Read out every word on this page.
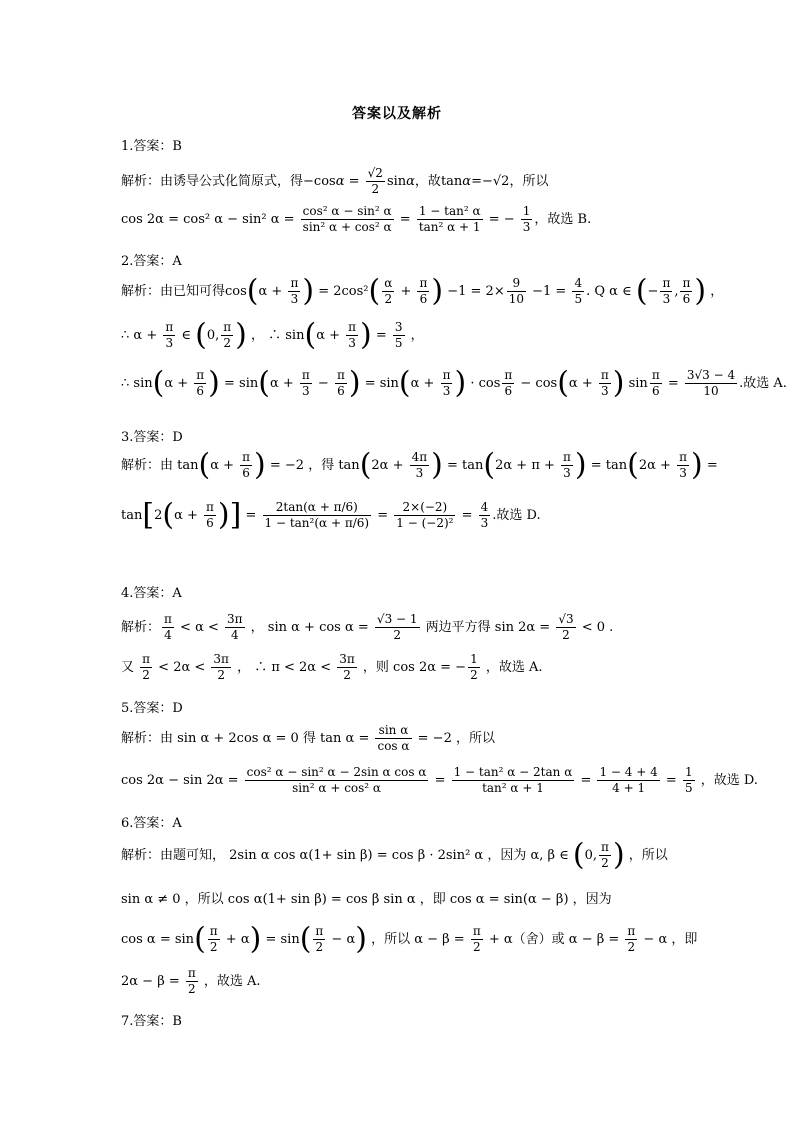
答案以及解析
1.答案：B
解析：由诱导公式化简原式，得$-\cos\alpha = \frac{√2}{2}$ sinα，故tanα=−√2，所以
cos 2α = cos² α − sin² $\alpha = \frac{\text{cos² α − sin² α}}{\text{sin² α + cos² α}} = \frac{\text{1 − tan² α}}{\text{tan² α + 1}}$ = − $\frac{1}{3}$ ，故选 B.
2.答案：A
解析：由已知可得$\cos(\alpha + \frac{\pi}{3}$ ) = $2\cos^2( \frac{\alpha}{2} + \frac{\pi}{6}$ ) $-1 = 2\times \frac{9}{10} -1 = \frac{4}{5}$ . Q α ∈ (− $\frac{\pi}{3}$ , $\frac{\pi}{6}$ ) ，
∴ $\alpha + \frac{\pi}{3}$ ∈ (0, $\frac{\pi}{2}$ ) ， ∴ $\sin(\alpha + \frac{\pi}{3}$ ) = $\frac{3}{5}$ ，
∴ $\sin(\alpha + \frac{\pi}{6}$ ) = $\sin(\alpha + \frac{\pi}{3} - \frac{\pi}{6}$ ) = $\sin(\alpha + \frac{\pi}{3}$ ) · $\cos \frac{\pi}{6} - \cos(\alpha + \frac{\pi}{3}$ ) $\sin \frac{\pi}{6} = \frac{3√3 - 4}{10}$ .故选 A.
3.答案：D
解析：由 $\tan(\alpha + \frac{\pi}{6}$ ) = −2 ，得 $\tan(2\alpha + \frac{4\pi}{3}$ ) = $\tan(2\alpha + \pi + \frac{\pi}{3}$ ) = $\tan(2\alpha + \frac{\pi}{3}$ ) =
$\tan[2(\alpha + \frac{\pi}{6}$ )] = $\frac{2\tan(\alpha + \pi/6)}{\text{1 − tan²(α + π/6)}} = \frac{2\times(-2)}{\text{1 − (−2)²}} = \frac{4}{3}$ .故选 D.
4.答案：A
解析： $\frac{\pi}{4} < \alpha < \frac{3\pi}{4}$ ， $\sin \alpha + \cos \alpha = \frac{√3 - 1}{2}$ 两边平方得 $\sin 2\alpha = \frac{√3}{2} < 0$ .
又 $\frac{\pi}{2} < 2\alpha < \frac{3\pi}{2}$ ， ∴ $\pi < 2\alpha < \frac{3\pi}{2}$ ，则 cos 2α = − $\frac{1}{2}$ ，故选 A.
5.答案：D
解析：由 sin α + 2cos α = 0 得 $\tan \alpha = \frac{\text{sin α}}{\text{cos α}} = -2$ ，所以
$\cos 2\alpha - \sin 2\alpha = \frac{\text{cos² α − sin² α − 2sin α cos α}}{\text{sin² α + cos² α}} = \frac{\text{1 − tan² α − 2tan α}}{\text{tan² α + 1}} = \frac{1 - 4 + 4}{4 + 1} = \frac{1}{5}$ ，故选 D.
6.答案：A
解析：由题可知， 2sin α cos α(1+ sin β) = cos β · 2sin² α ，因为 α, β ∈ (0, $\frac{\pi}{2}$ ) ，所以
sin α ≠ 0 ，所以 cos α(1+ sin β) = cos β sin α ，即 cos α = sin(α − β) ，因为
$\cos \alpha = \sin( \frac{\pi}{2} + \alpha) = \sin( \frac{\pi}{2} - \alpha)$ ，所以 $\alpha - \beta = \frac{\pi}{2} + \alpha$（舍）或 $\alpha - \beta = \frac{\pi}{2} - \alpha$ ，即
$2\alpha - \beta = \frac{\pi}{2}$ ，故选 A.
7.答案：B
